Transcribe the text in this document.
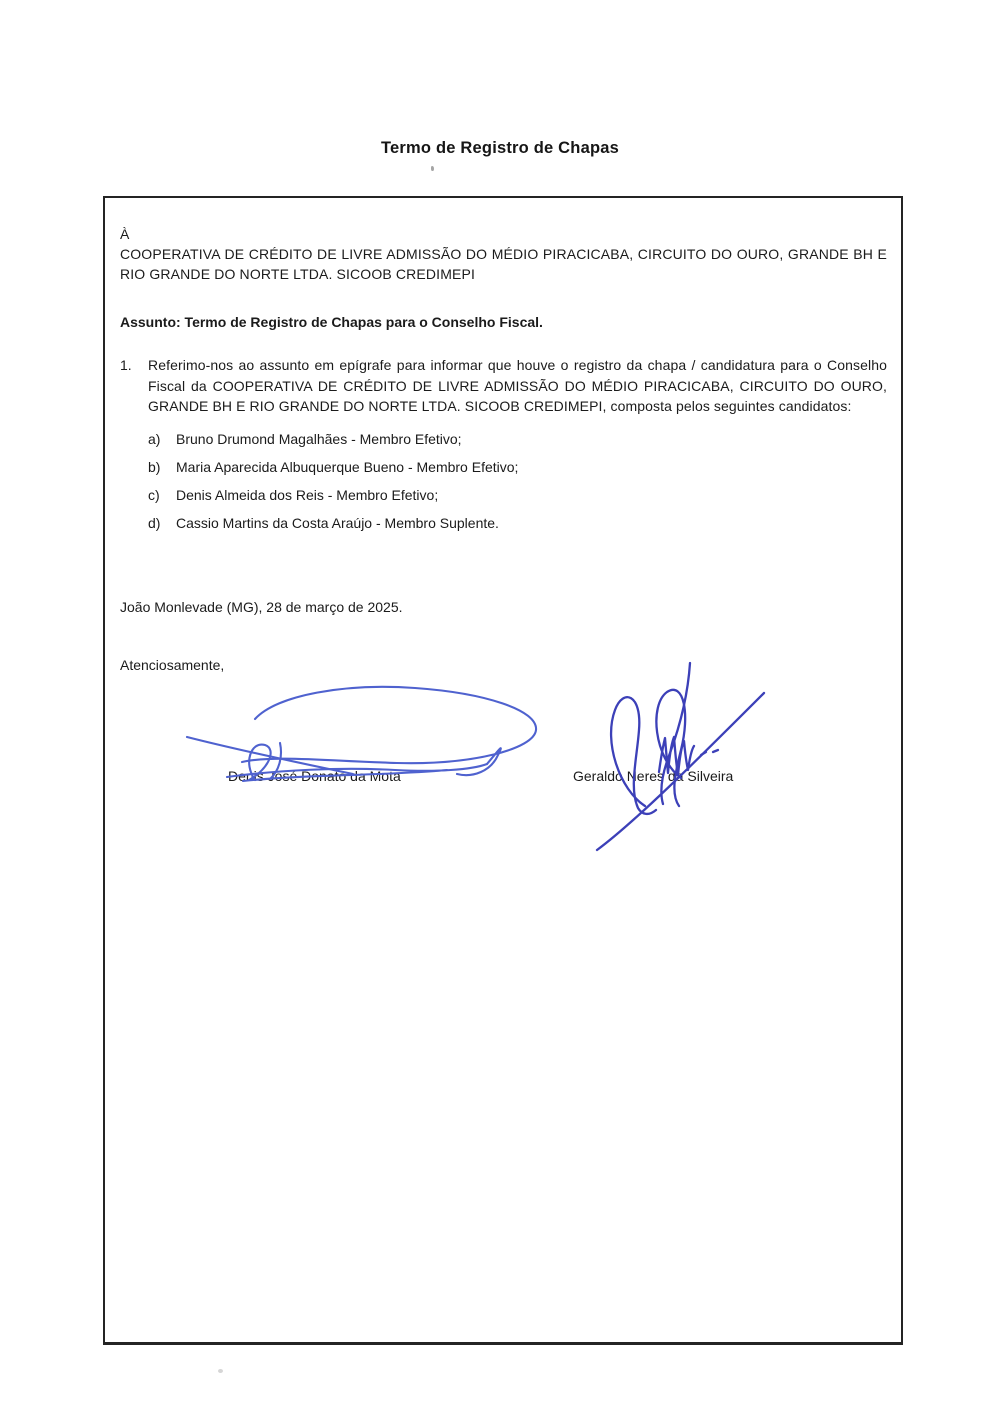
Termo de Registro de Chapas
À
COOPERATIVA DE CRÉDITO DE LIVRE ADMISSÃO DO MÉDIO PIRACICABA, CIRCUITO DO OURO, GRANDE BH E RIO GRANDE DO NORTE LTDA. SICOOB CREDIMEPI
Assunto: Termo de Registro de Chapas para o Conselho Fiscal.
1.	Referimo-nos ao assunto em epígrafe para informar que houve o registro da chapa / candidatura para o Conselho Fiscal da COOPERATIVA DE CRÉDITO DE LIVRE ADMISSÃO DO MÉDIO PIRACICABA, CIRCUITO DO OURO, GRANDE BH E RIO GRANDE DO NORTE LTDA. SICOOB CREDIMEPI, composta pelos seguintes candidatos:
a)	Bruno Drumond Magalhães - Membro Efetivo;
b)	Maria Aparecida Albuquerque Bueno - Membro Efetivo;
c)	Denis Almeida dos Reis - Membro Efetivo;
d)	Cassio Martins da Costa Araújo - Membro Suplente.
João Monlevade (MG), 28 de março de 2025.
Atenciosamente,
Denis José Donato da Mota	Geraldo Neres da Silveira
